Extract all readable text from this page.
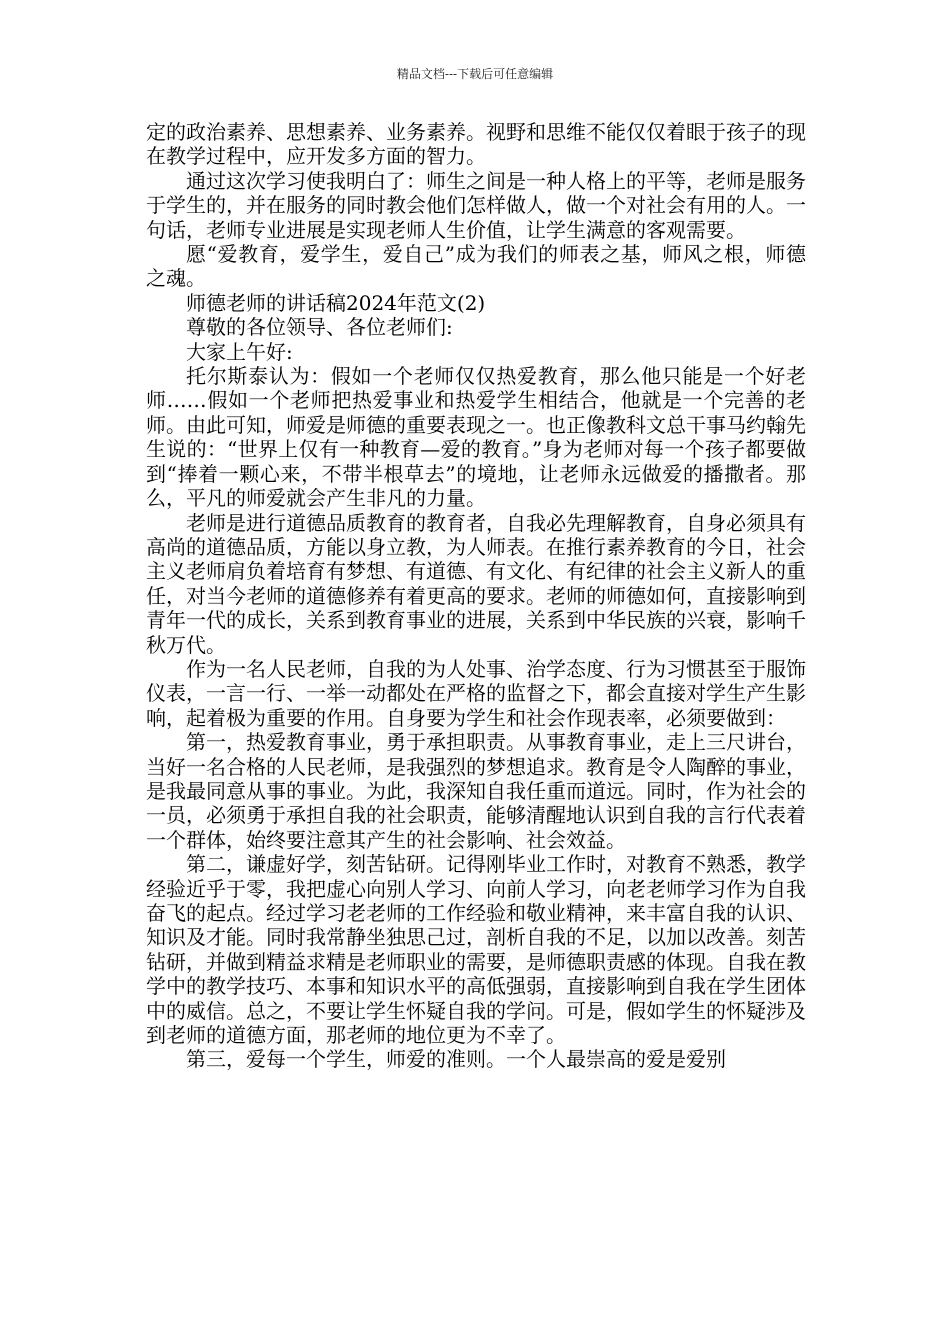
精品文档---下载后可任意编辑

定的政治素养、思想素养、业务素养。视野和思维不能仅仅着眼于孩子的现在教学过程中，应开发多方面的智力。

通过这次学习使我明白了：师生之间是一种人格上的平等，老师是服务于学生的，并在服务的同时教会他们怎样做人，做一个对社会有用的人。一句话，老师专业进展是实现老师人生价值，让学生满意的客观需要。

愿“爱教育，爱学生，爱自己”成为我们的师表之基，师风之根，师德之魂。

师德老师的讲话稿2024年范文(2)

尊敬的各位领导、各位老师们:

大家上午好:

托尔斯泰认为：假如一个老师仅仅热爱教育，那么他只能是一个好老师……假如一个老师把热爱事业和热爱学生相结合，他就是一个完善的老师。由此可知，师爱是师德的重要表现之一。也正像教科文总干事马约翰先生说的：“世界上仅有一种教育—爱的教育。”身为老师对每一个孩子都要做到“捧着一颗心来，不带半根草去”的境地，让老师永远做爱的播撒者。那么，平凡的师爱就会产生非凡的力量。

老师是进行道德品质教育的教育者，自我必先理解教育，自身必须具有高尚的道德品质，方能以身立教，为人师表。在推行素养教育的今日，社会主义老师肩负着培育有梦想、有道德、有文化、有纪律的社会主义新人的重任，对当今老师的道德修养有着更高的要求。老师的师德如何，直接影响到青年一代的成长，关系到教育事业的进展，关系到中华民族的兴衰，影响千秋万代。

作为一名人民老师，自我的为人处事、治学态度、行为习惯甚至于服饰仪表，一言一行、一举一动都处在严格的监督之下，都会直接对学生产生影响，起着极为重要的作用。自身要为学生和社会作现表率，必须要做到：

第一，热爱教育事业，勇于承担职责。从事教育事业，走上三尺讲台，当好一名合格的人民老师，是我强烈的梦想追求。教育是令人陶醉的事业，是我最同意从事的事业。为此，我深知自我任重而道远。同时，作为社会的一员，必须勇于承担自我的社会职责，能够清醒地认识到自我的言行代表着一个群体，始终要注意其产生的社会影响、社会效益。

第二，谦虚好学，刻苦钻研。记得刚毕业工作时，对教育不熟悉，教学经验近乎于零，我把虚心向别人学习、向前人学习，向老老师学习作为自我奋飞的起点。经过学习老老师的工作经验和敬业精神，来丰富自我的认识、知识及才能。同时我常静坐独思己过，剖析自我的不足，以加以改善。刻苦钻研，并做到精益求精是老师职业的需要，是师德职责感的体现。自我在教学中的教学技巧、本事和知识水平的高低强弱，直接影响到自我在学生团体中的威信。总之，不要让学生怀疑自我的学问。可是，假如学生的怀疑涉及到老师的道德方面，那老师的地位更为不幸了。

第三，爱每一个学生，师爱的准则。一个人最崇高的爱是爱别
